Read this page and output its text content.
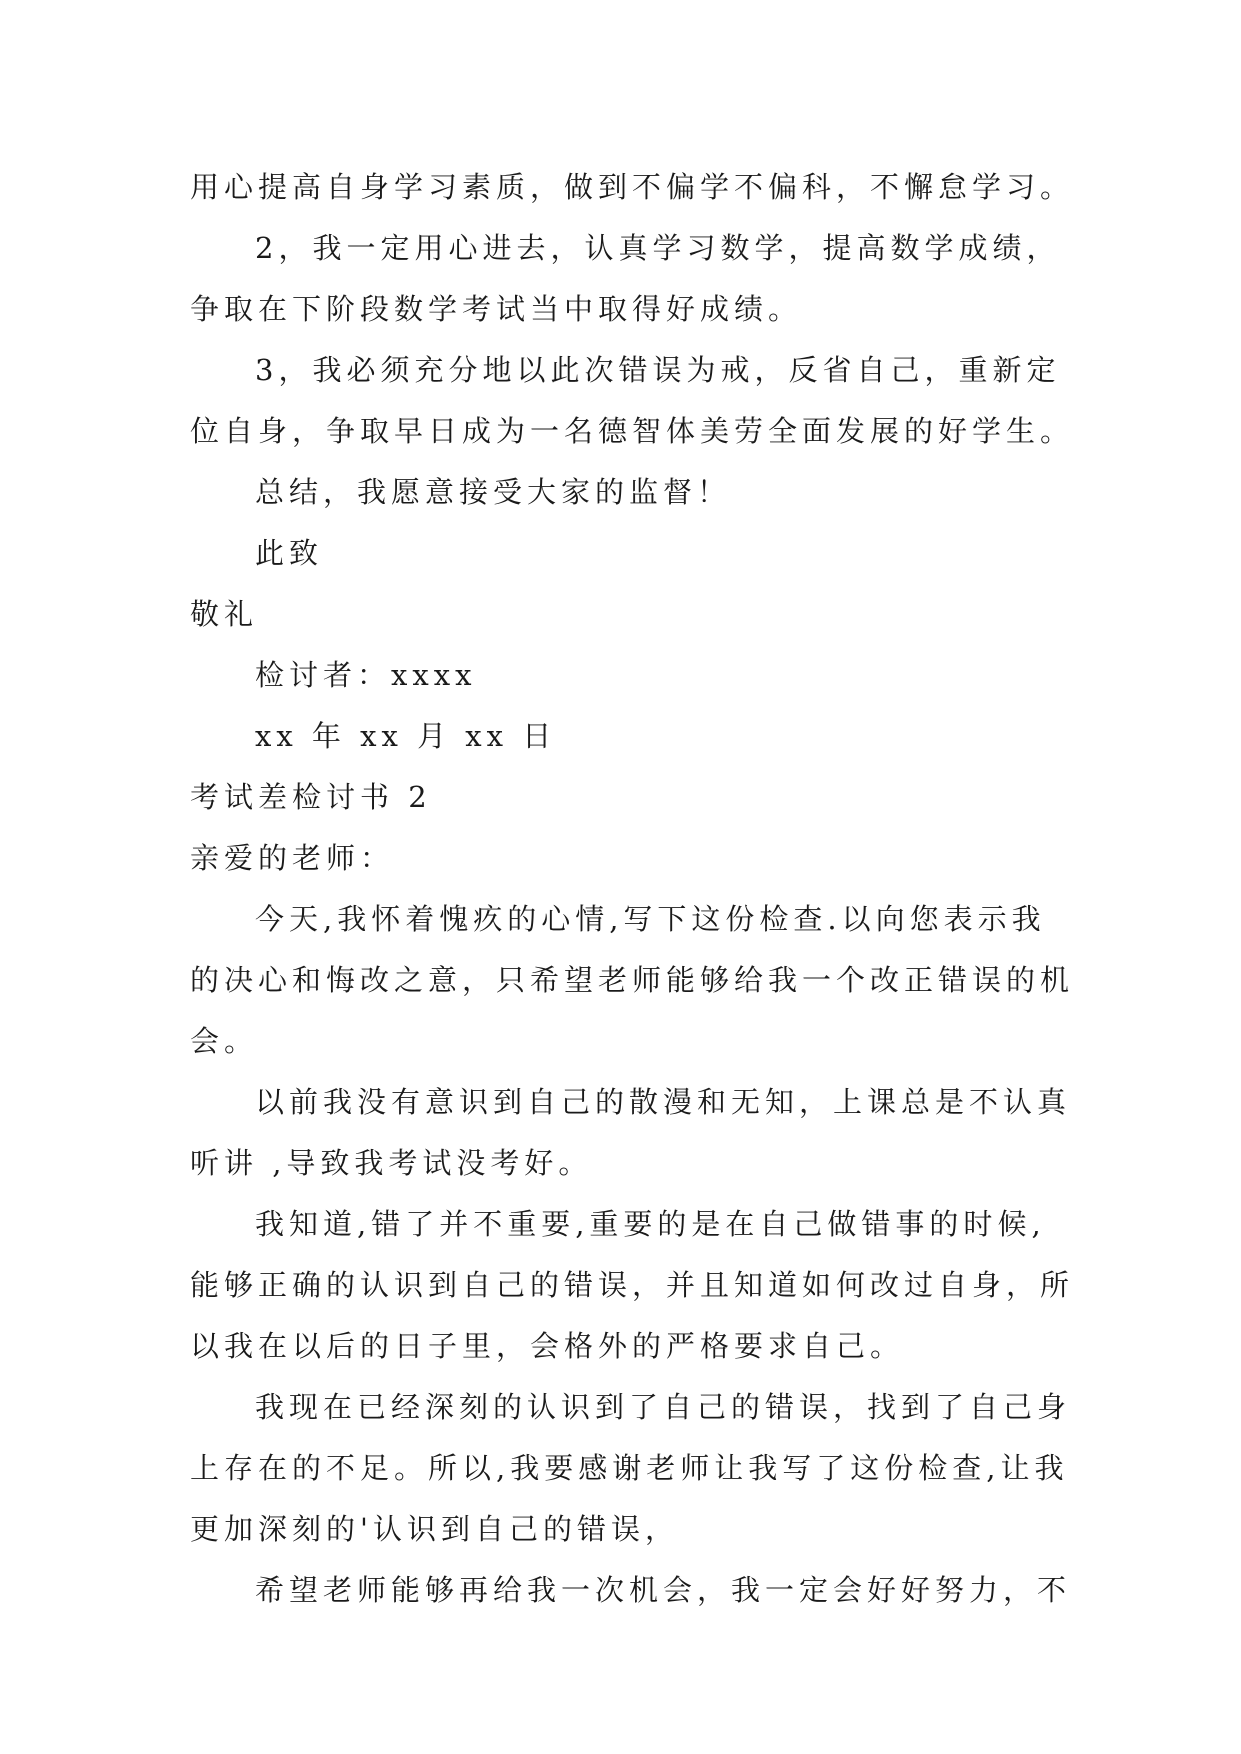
用心提高自身学习素质，做到不偏学不偏科，不懈怠学习。
2，我一定用心进去，认真学习数学，提高数学成绩，
争取在下阶段数学考试当中取得好成绩。
3，我必须充分地以此次错误为戒，反省自己，重新定
位自身，争取早日成为一名德智体美劳全面发展的好学生。
总结，我愿意接受大家的监督！
此致
敬礼
检讨者：xxxx
xx 年 xx 月 xx 日
考试差检讨书 2
亲爱的老师：
今天,我怀着愧疚的心情,写下这份检查.以向您表示我
的决心和悔改之意，只希望老师能够给我一个改正错误的机
会。
以前我没有意识到自己的散漫和无知，上课总是不认真
听讲 ,导致我考试没考好。
我知道,错了并不重要,重要的是在自己做错事的时候,
能够正确的认识到自己的错误，并且知道如何改过自身，所
以我在以后的日子里，会格外的严格要求自己。
我现在已经深刻的认识到了自己的错误，找到了自己身
上存在的不足。所以,我要感谢老师让我写了这份检查,让我
更加深刻的'认识到自己的错误，
希望老师能够再给我一次机会，我一定会好好努力，不
